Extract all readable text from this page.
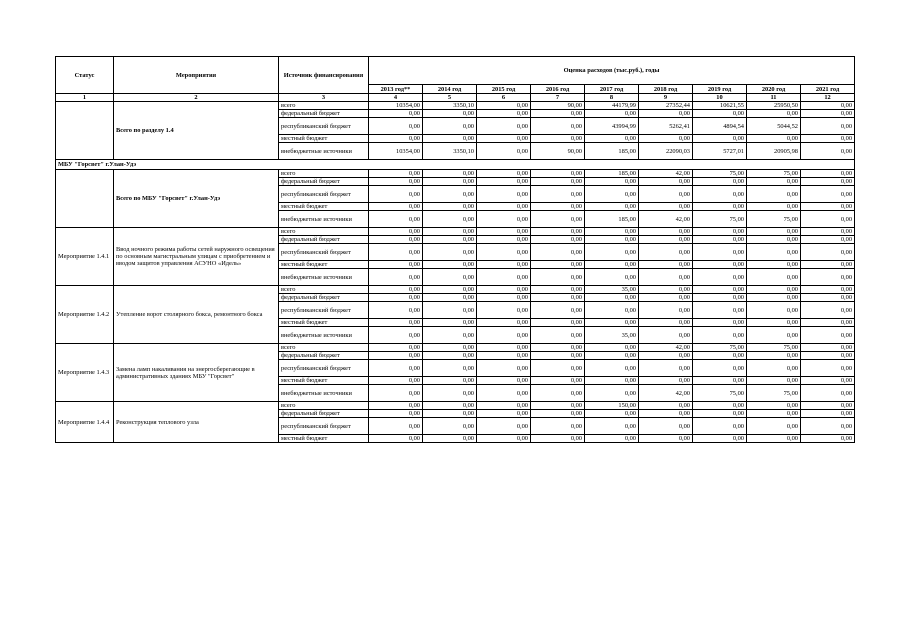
Статус	Мероприятия	Источник финансирования	Оценка расходов (тыс.руб.), годы								
			2013 год**	2014 год	2015 год	2016 год	2017 год	2018 год	2019 год	2020 год	2021 год
1	2	3	4	5	6	7	8	9	10	11	12
	Всего по разделу 1.4	всего	10354,00	3350,10	0,00	90,00	44179,99	27352,44	10621,55	25950,50	0,00
		федеральный бюджет	0,00	0,00	0,00	0,00	0,00	0,00	0,00	0,00	0,00
		республиканский бюджет	0,00	0,00	0,00	0,00	43994,99	5262,41	4894,54	5044,52	0,00
		местный бюджет	0,00	0,00	0,00	0,00	0,00	0,00	0,00	0,00	0,00
		внебюджетные источники	10354,00	3350,10	0,00	90,00	185,00	22090,03	5727,01	20905,98	0,00
МБУ "Горсвет" г.Улан-Удэ											
	Всего по МБУ "Горсвет" г.Улан-Удэ	всего	0,00	0,00	0,00	0,00	185,00	42,00	75,00	75,00	0,00
		федеральный бюджет	0,00	0,00	0,00	0,00	0,00	0,00	0,00	0,00	0,00
		республиканский бюджет	0,00	0,00	0,00	0,00	0,00	0,00	0,00	0,00	0,00
		местный бюджет	0,00	0,00	0,00	0,00	0,00	0,00	0,00	0,00	0,00
		внебюджетные источники	0,00	0,00	0,00	0,00	185,00	42,00	75,00	75,00	0,00
Мероприятие 1.4.1	Ввод ночного режима работы сетей наружного освещения по основным магистральным улицам с приобретением и вводом защитов управления АСУНО «Идель»	всего	0,00	0,00	0,00	0,00	0,00	0,00	0,00	0,00	0,00
		федеральный бюджет	0,00	0,00	0,00	0,00	0,00	0,00	0,00	0,00	0,00
		республиканский бюджет	0,00	0,00	0,00	0,00	0,00	0,00	0,00	0,00	0,00
		местный бюджет	0,00	0,00	0,00	0,00	0,00	0,00	0,00	0,00	0,00
		внебюджетные источники	0,00	0,00	0,00	0,00	0,00	0,00	0,00	0,00	0,00
Мероприятие 1.4.2	Утепление ворот столярного бокса, ремонтного бокса	всего	0,00	0,00	0,00	0,00	35,00	0,00	0,00	0,00	0,00
		федеральный бюджет	0,00	0,00	0,00	0,00	0,00	0,00	0,00	0,00	0,00
		республиканский бюджет	0,00	0,00	0,00	0,00	0,00	0,00	0,00	0,00	0,00
		местный бюджет	0,00	0,00	0,00	0,00	0,00	0,00	0,00	0,00	0,00
		внебюджетные источники	0,00	0,00	0,00	0,00	35,00	0,00	0,00	0,00	0,00
Мероприятие 1.4.3	Замена ламп накаливания на энергосберегающие в административных зданиях МБУ "Горсвет"	всего	0,00	0,00	0,00	0,00	0,00	42,00	75,00	75,00	0,00
		федеральный бюджет	0,00	0,00	0,00	0,00	0,00	0,00	0,00	0,00	0,00
		республиканский бюджет	0,00	0,00	0,00	0,00	0,00	0,00	0,00	0,00	0,00
		местный бюджет	0,00	0,00	0,00	0,00	0,00	0,00	0,00	0,00	0,00
		внебюджетные источники	0,00	0,00	0,00	0,00	0,00	42,00	75,00	75,00	0,00
Мероприятие 1.4.4	Реконструкция теплового узла	всего	0,00	0,00	0,00	0,00	150,00	0,00	0,00	0,00	0,00
		федеральный бюджет	0,00	0,00	0,00	0,00	0,00	0,00	0,00	0,00	0,00
		республиканский бюджет	0,00	0,00	0,00	0,00	0,00	0,00	0,00	0,00	0,00
		местный бюджет	0,00	0,00	0,00	0,00	0,00	0,00	0,00	0,00	0,00
